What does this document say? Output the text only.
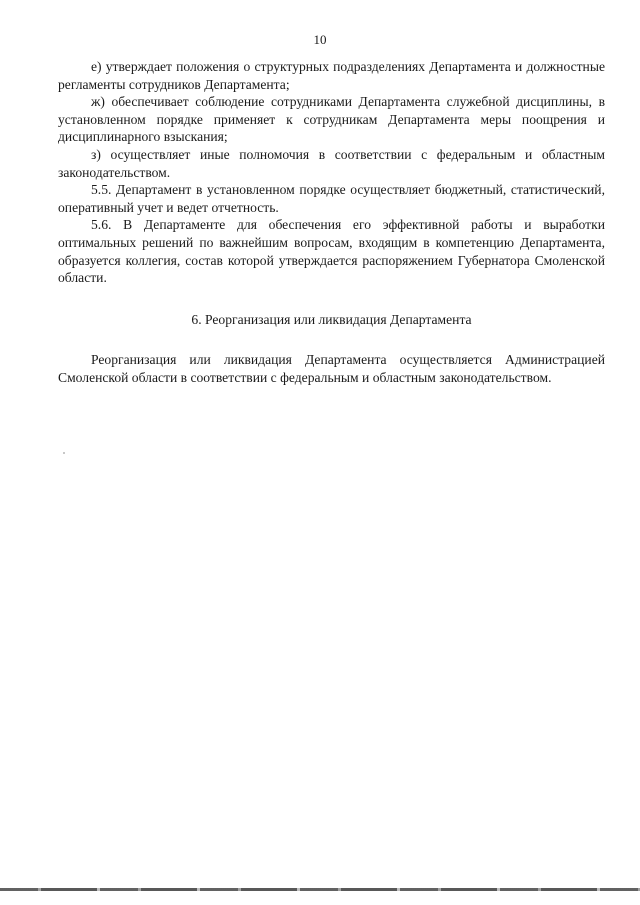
10

е) утверждает положения о структурных подразделениях Департамента и должностные регламенты сотрудников Департамента;

ж) обеспечивает соблюдение сотрудниками Департамента служебной дисциплины, в установленном порядке применяет к сотрудникам Департамента меры поощрения и дисциплинарного взыскания;

з) осуществляет иные полномочия в соответствии с федеральным и областным законодательством.

5.5. Департамент в установленном порядке осуществляет бюджетный, статистический, оперативный учет и ведет отчетность.

5.6. В Департаменте для обеспечения его эффективной работы и выработки оптимальных решений по важнейшим вопросам, входящим в компетенцию Департамента, образуется коллегия, состав которой утверждается распоряжением Губернатора Смоленской области.

6. Реорганизация или ликвидация Департамента

Реорганизация или ликвидация Департамента осуществляется Администрацией Смоленской области в соответствии с федеральным и областным законодательством.
